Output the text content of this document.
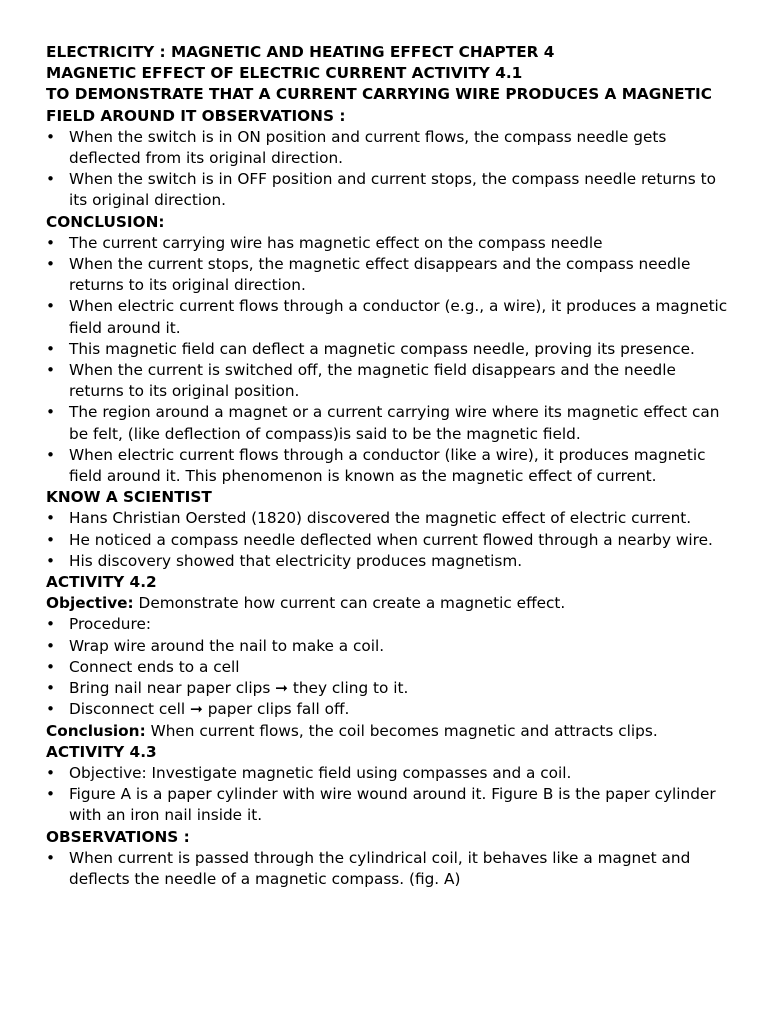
ELECTRICITY : MAGNETIC AND HEATING EFFECT CHAPTER 4
MAGNETIC EFFECT OF ELECTRIC CURRENT ACTIVITY 4.1
TO DEMONSTRATE THAT A CURRENT CARRYING WIRE PRODUCES A MAGNETIC FIELD AROUND IT OBSERVATIONS :
• When the switch is in ON position and current flows, the compass needle gets deflected from its original direction.
• When the switch is in OFF position and current stops, the compass needle returns to its original direction.
CONCLUSION:
• The current carrying wire has magnetic effect on the compass needle
• When the current stops, the magnetic effect disappears and the compass needle returns to its original direction.
• When electric current flows through a conductor (e.g., a wire), it produces a magnetic field around it.
• This magnetic field can deflect a magnetic compass needle, proving its presence.
• When the current is switched off, the magnetic field disappears and the needle returns to its original position.
• The region around a magnet or a current carrying wire where its magnetic effect can be felt, (like deflection of compass)is said to be the magnetic field.
• When electric current flows through a conductor (like a wire), it produces magnetic field around it. This phenomenon is known as the magnetic effect of current.
KNOW A SCIENTIST
• Hans Christian Oersted (1820) discovered the magnetic effect of electric current.
• He noticed a compass needle deflected when current flowed through a nearby wire.
• His discovery showed that electricity produces magnetism.
ACTIVITY 4.2

Objective: Demonstrate how current can create a magnetic effect.

• Procedure:
• Wrap wire around the nail to make a coil.
• Connect ends to a cell
• Bring nail near paper clips ➞ they cling to it.
• Disconnect cell ➞ paper clips fall off.

Conclusion: When current flows, the coil becomes magnetic and attracts clips.

ACTIVITY 4.3
• Objective: Investigate magnetic field using compasses and a coil.
• Figure A is a paper cylinder with wire wound around it. Figure B is the paper cylinder with an iron nail inside it.
OBSERVATIONS :
• When current is passed through the cylindrical coil, it behaves like a magnet and deflects the needle of a magnetic compass. (fig. A)
